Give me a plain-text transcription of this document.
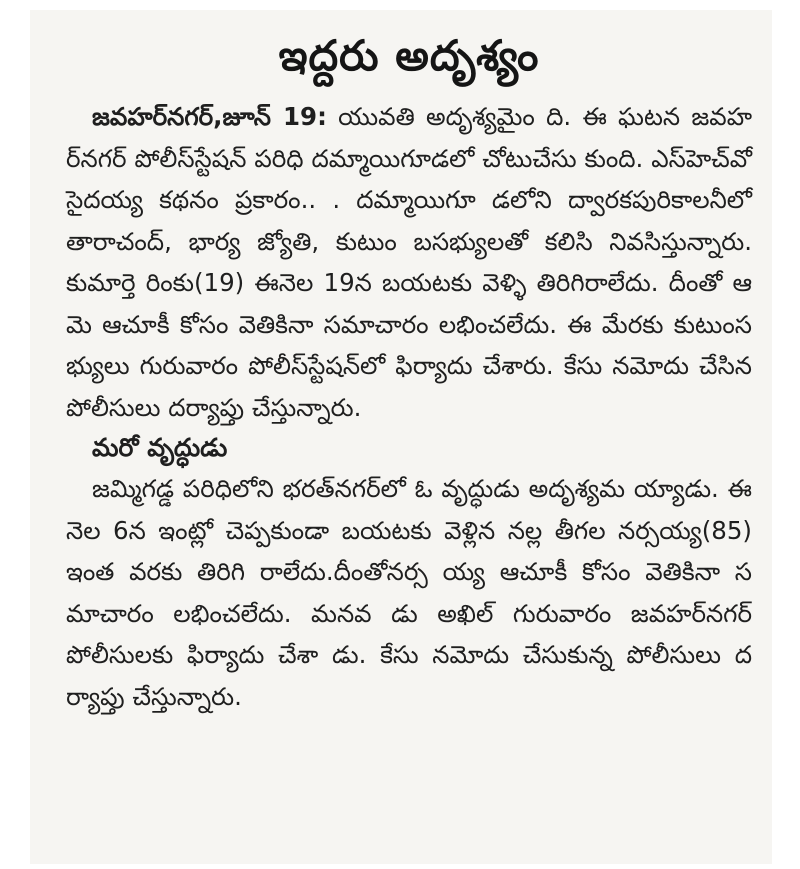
ఇద్దరు అదృశ్యం

జవహర్‌నగర్,జూన్ 19: యువతి అదృశ్యమైం ది. ఈ ఘటన జవహర్‌నగర్ పోలీస్‌స్టేషన్ పరిధి దమ్మాయిగూడలో చోటుచేసు కుంది. ఎస్‌హెచ్‌వో సైదయ్య కథనం ప్రకారం.. . దమ్మాయిగూ డలోని ద్వారకపురికాలనీలో తారాచంద్, భార్య జ్యోతి, కుటుం బసభ్యులతో కలిసి నివసిస్తున్నారు. కుమార్తె రింకు(19) ఈనెల 19న బయటకు వెళ్ళి తిరిగిరాలేదు. దీంతో ఆమె ఆచూకీ కోసం వెతికినా సమాచారం లభించలేదు. ఈ మేరకు కుటుంసభ్యులు గురువారం పోలీస్‌స్టేషన్‌లో ఫిర్యాదు చేశారు. కేసు నమోదు చేసిన పోలీసులు దర్యాప్తు చేస్తున్నారు.

మరో వృద్ధుడు

జమ్మిగడ్డ పరిధిలోని భరత్‌నగర్‌లో ఓ వృద్ధుడు అదృశ్యమ య్యాడు. ఈనెల 6న ఇంట్లో చెప్పకుండా బయటకు వెళ్లిన నల్ల తీగల నర్సయ్య(85) ఇంత వరకు తిరిగి రాలేదు.దీంతోనర్స య్య ఆచూకీ కోసం వెతికినా సమాచారం లభించలేదు. మనవ డు అఖిల్ గురువారం జవహర్‌నగర్ పోలీసులకు ఫిర్యాదు చేశా డు. కేసు నమోదు చేసుకున్న పోలీసులు దర్యాప్తు చేస్తున్నారు.
